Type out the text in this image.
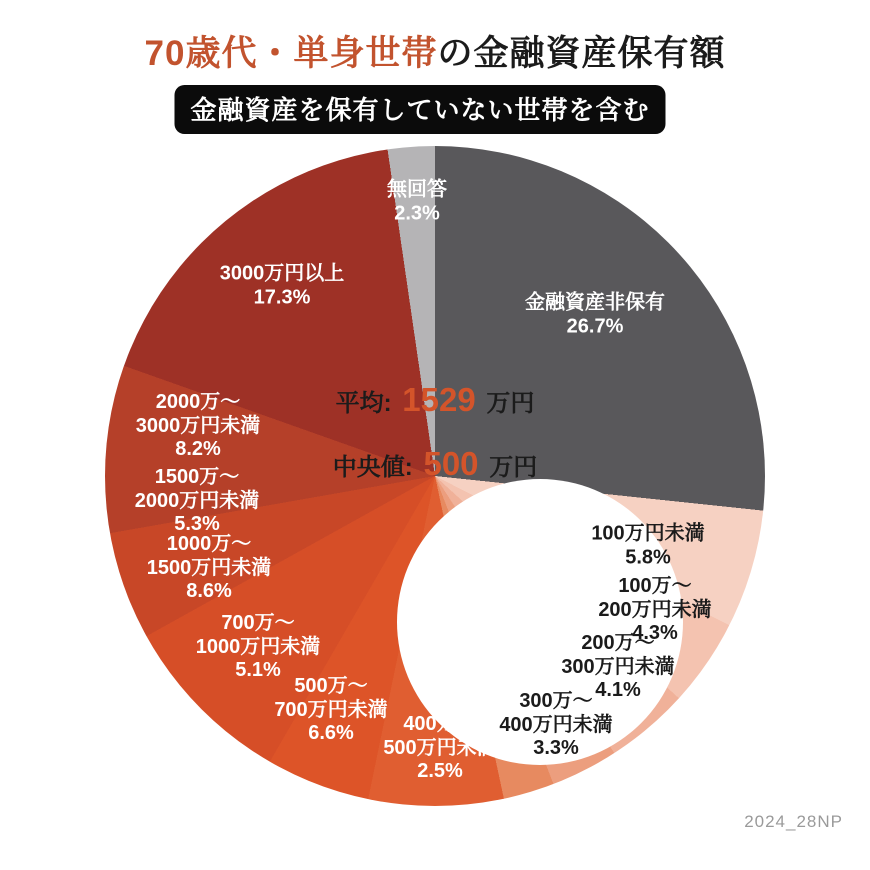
70歳代・単身世帯の金融資産保有額
金融資産を保有していない世帯を含む
平均: 1529 万円
中央値: 500 万円
2024_28NP
金融資産非保有
26.7%
100万円未満
5.8%
100万〜
200万円未満
4.3%
200万〜
300万円未満
4.1%
300万〜
400万円未満
3.3%
400万〜
500万円未満
2.5%
500万〜
700万円未満
6.6%
700万〜
1000万円未満
5.1%
1000万〜
1500万円未満
8.6%
1500万〜
2000万円未満
5.3%
2000万〜
3000万円未満
8.2%
3000万円以上
17.3%
無回答
2.3%
